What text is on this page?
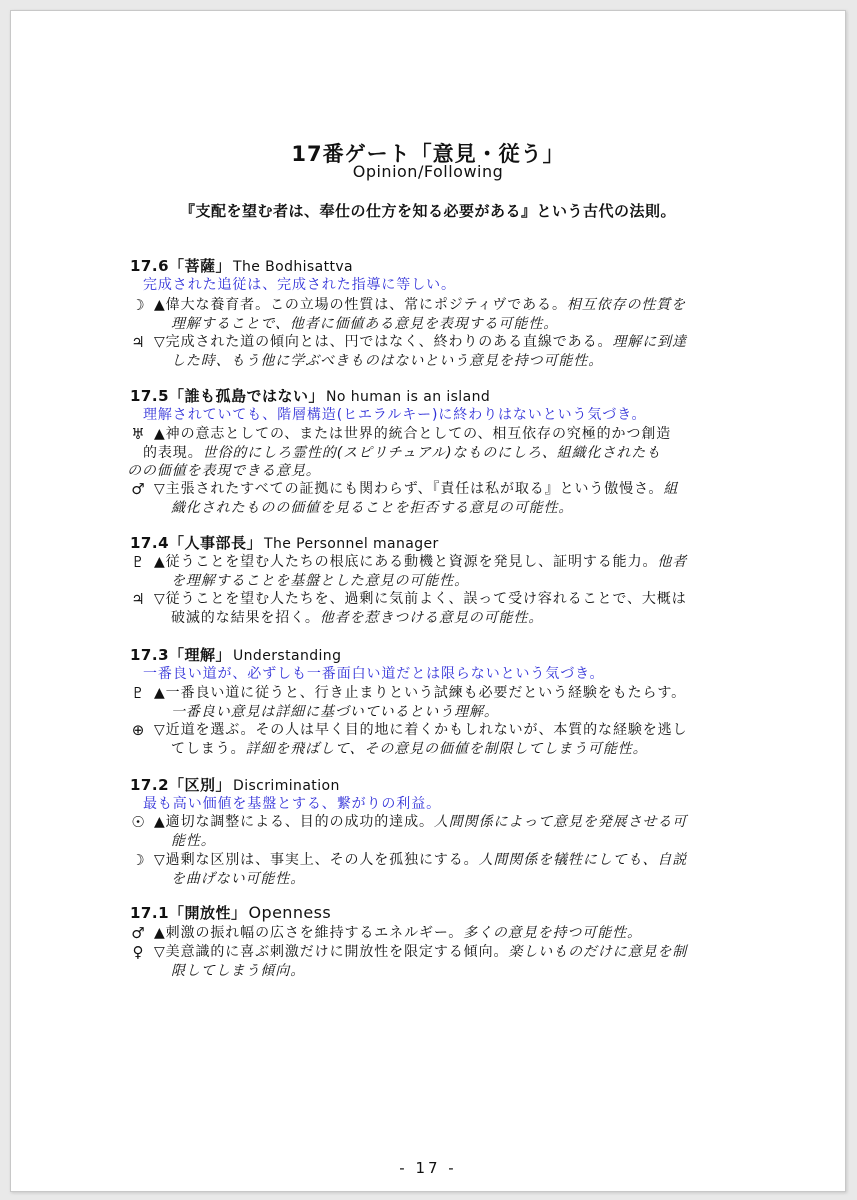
17番ゲート「意見・従う」
Opinion/Following
『支配を望む者は、奉仕の仕方を知る必要がある』という古代の法則。
17.6「菩薩」 The Bodhisattva
完成された追従は、完成された指導に等しい。
☽ ▲偉大な養育者。この立場の性質は、常にポジティヴである。相互依存の性質を
理解することで、他者に価値ある意見を表現する可能性。
♃ ▽完成された道の傾向とは、円ではなく、終わりのある直線である。理解に到達
した時、もう他に学ぶべきものはないという意見を持つ可能性。
17.5「誰も孤島ではない」 No human is an island
理解されていても、階層構造(ヒエラルキー)に終わりはないという気づき。
♅ ▲神の意志としての、または世界的統合としての、相互依存の究極的かつ創造
的表現。世俗的にしろ霊性的(スピリチュアル)なものにしろ、組織化されたも
のの価値を表現できる意見。
♂ ▽主張されたすべての証拠にも関わらず、『責任は私が取る』という傲慢さ。組
織化されたものの価値を見ることを拒否する意見の可能性。
17.4「人事部長」 The Personnel manager
♇ ▲従うことを望む人たちの根底にある動機と資源を発見し、証明する能力。他者
を理解することを基盤とした意見の可能性。
♃ ▽従うことを望む人たちを、過剰に気前よく、誤って受け容れることで、大概は
破滅的な結果を招く。他者を惹きつける意見の可能性。
17.3「理解」 Understanding
一番良い道が、必ずしも一番面白い道だとは限らないという気づき。
♇ ▲一番良い道に従うと、行き止まりという試練も必要だという経験をもたらす。
一番良い意見は詳細に基づいているという理解。
⊕ ▽近道を選ぶ。その人は早く目的地に着くかもしれないが、本質的な経験を逃し
てしまう。詳細を飛ばして、その意見の価値を制限してしまう可能性。
17.2「区別」 Discrimination
最も高い価値を基盤とする、繋がりの利益。
☉ ▲適切な調整による、目的の成功的達成。人間関係によって意見を発展させる可
能性。
☽ ▽過剰な区別は、事実上、その人を孤独にする。人間関係を犠牲にしても、自説
を曲げない可能性。
17.1「開放性」 Openness
♂ ▲刺激の振れ幅の広さを維持するエネルギー。多くの意見を持つ可能性。
♀ ▽美意識的に喜ぶ刺激だけに開放性を限定する傾向。楽しいものだけに意見を制
限してしまう傾向。
- 17 -
